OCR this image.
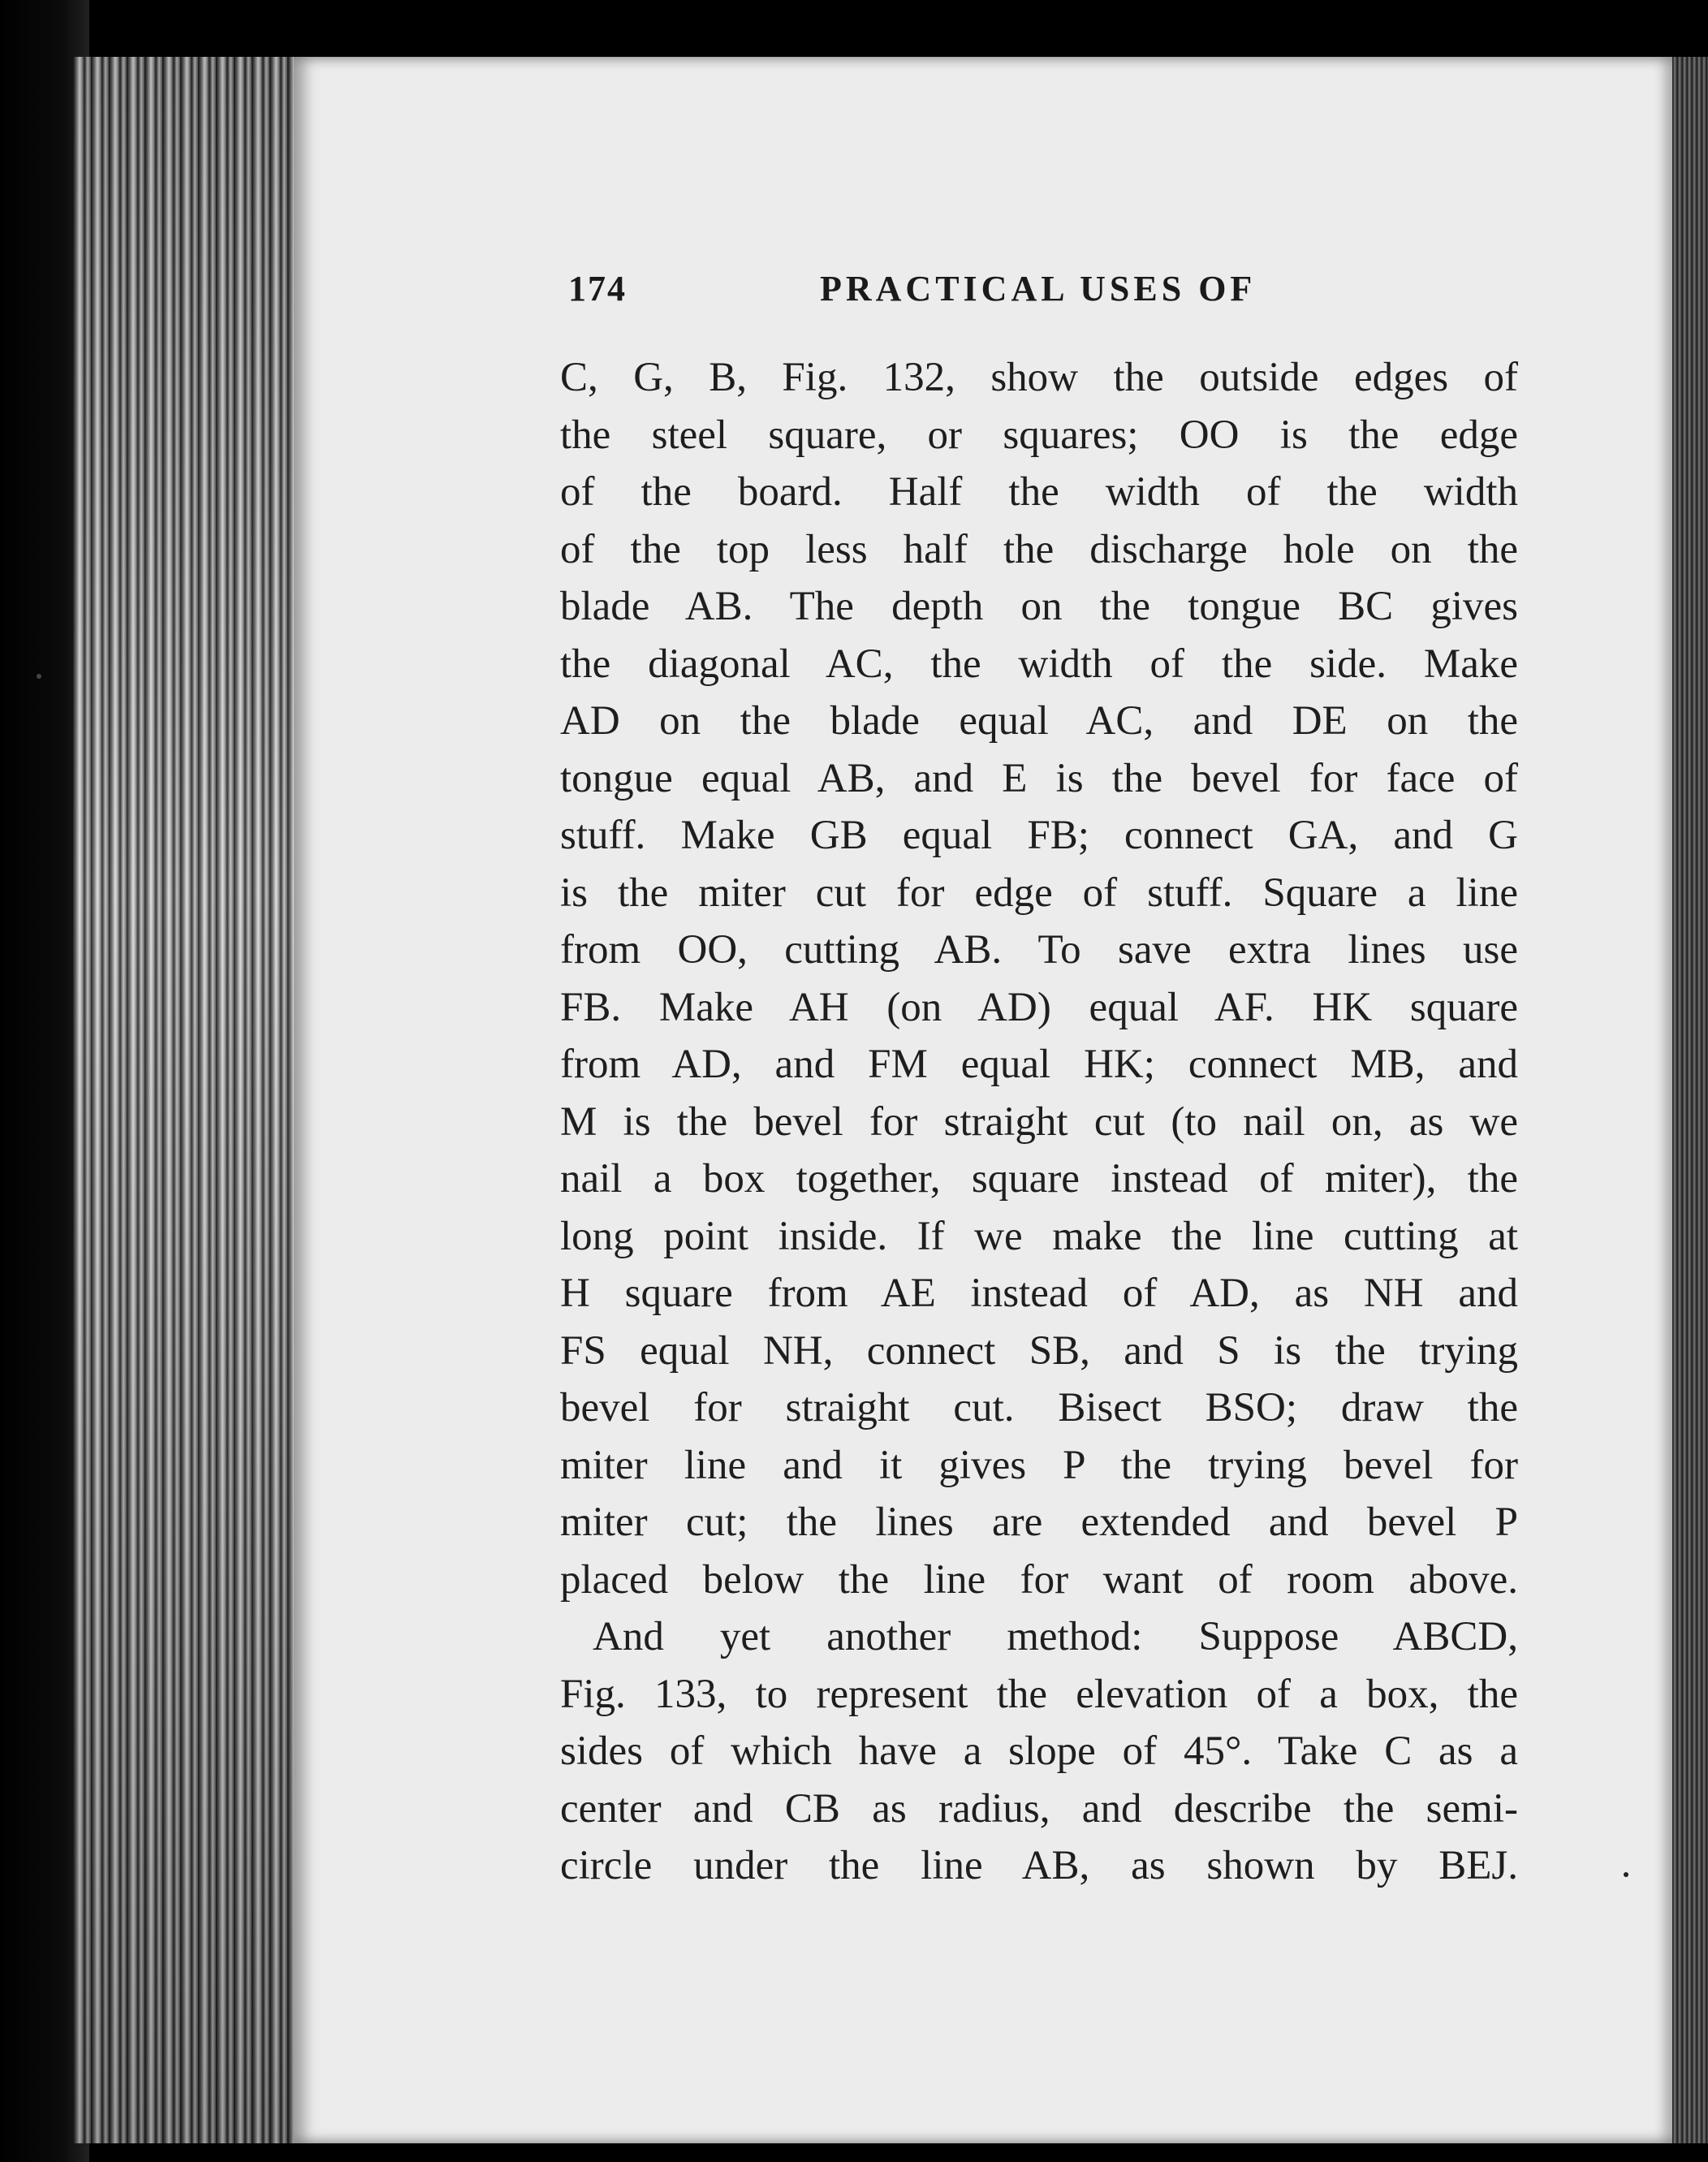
174	PRACTICAL USES OF
C, G, B, Fig. 132, show the outside edges of
the steel square, or squares; OO is the edge
of the board. Half the width of the width
of the top less half the discharge hole on the
blade AB. The depth on the tongue BC gives
the diagonal AC, the width of the side. Make
AD on the blade equal AC, and DE on the
tongue equal AB, and E is the bevel for face of
stuff. Make GB equal FB; connect GA, and G
is the miter cut for edge of stuff. Square a line
from OO, cutting AB. To save extra lines use
FB. Make AH (on AD) equal AF. HK square
from AD, and FM equal HK; connect MB, and
M is the bevel for straight cut (to nail on, as we
nail a box together, square instead of miter), the
long point inside. If we make the line cutting at
H square from AE instead of AD, as NH and
FS equal NH, connect SB, and S is the trying
bevel for straight cut. Bisect BSO; draw the
miter line and it gives P the trying bevel for
miter cut; the lines are extended and bevel P
placed below the line for want of room above.
And yet another method: Suppose ABCD,
Fig. 133, to represent the elevation of a box, the
sides of which have a slope of 45°. Take C as a
center and CB as radius, and describe the semi-
circle under the line AB, as shown by BEJ.
